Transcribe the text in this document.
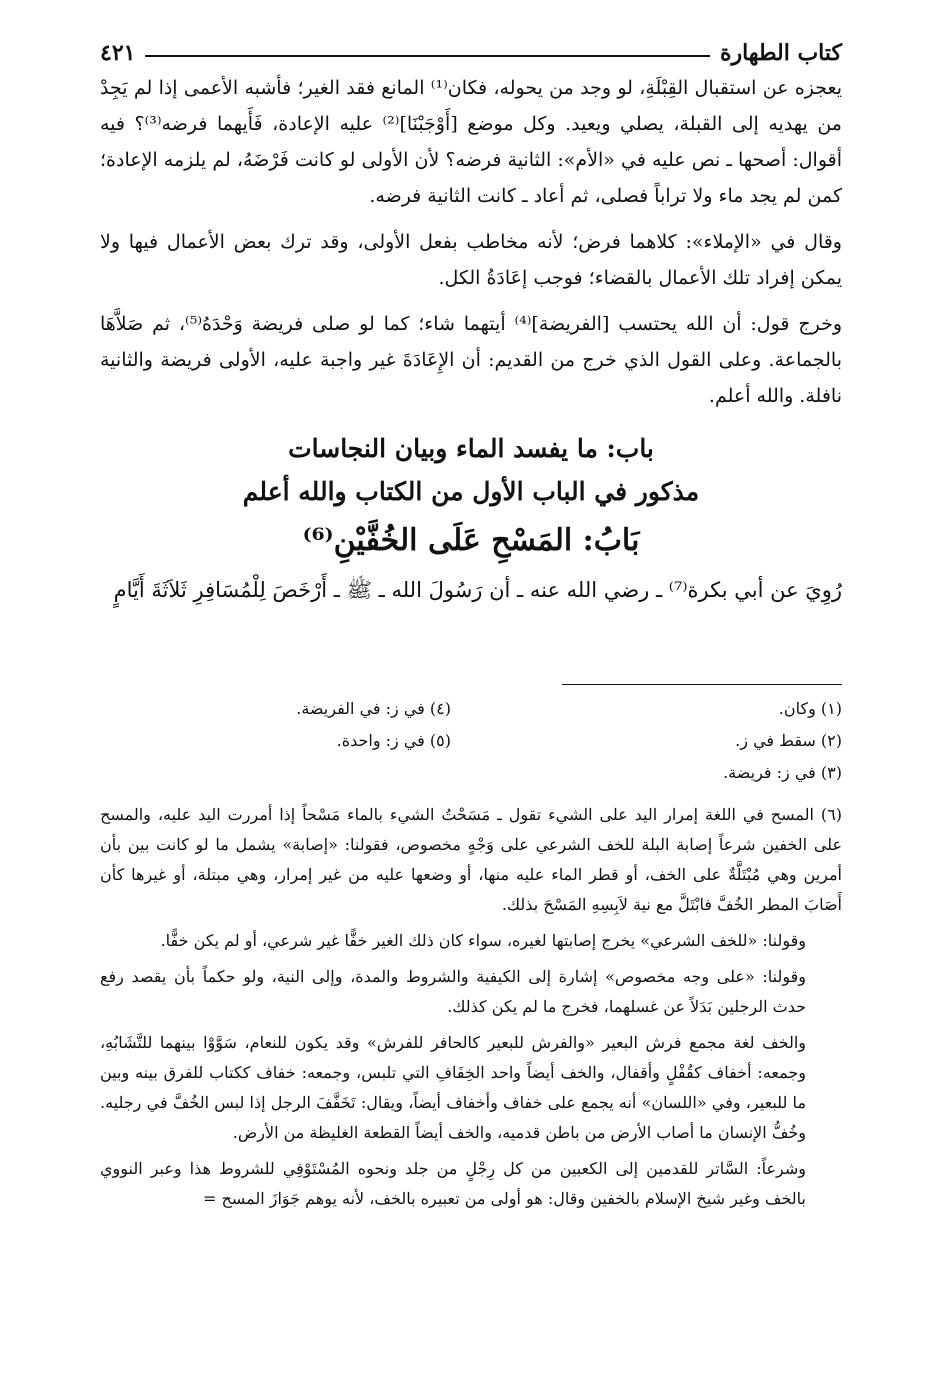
كتاب الطهارة
٤٢١

يعجزه عن استقبال القِبْلَةِ، لو وجد من يحوله، فكان⁽¹⁾ المانع فقد الغير؛ فأشبه الأعمى إذا لم يَجِدْ من يهديه إلى القبلة، يصلي ويعيد. وكل موضع [أَوْجَبْنَا]⁽²⁾ عليه الإعادة، فَأَيهما فرضه⁽³⁾؟ فيه أقوال: أصحها ـ نص عليه في «الأم»: الثانية فرضه؟ لأن الأولى لو كانت فَرْضَهُ، لم يلزمه الإعادة؛ كمن لم يجد ماء ولا تراباً فصلى، ثم أعاد ـ كانت الثانية فرضه.

وقال في «الإملاء»: كلاهما فرض؛ لأنه مخاطب بفعل الأولى، وقد ترك بعض الأعمال فيها ولا يمكن إفراد تلك الأعمال بالقضاء؛ فوجب إعَادَةُ الكل.

وخرج قول: أن الله يحتسب [الفريضة]⁽⁴⁾ أيتهما شاء؛ كما لو صلى فريضة وَحْدَهُ⁽⁵⁾، ثم صَلاَّهَا بالجماعة. وعلى القول الذي خرج من القديم: أن الإِعَادَةَ غير واجبة عليه، الأولى فريضة والثانية نافلة. والله أعلم.

باب: ما يفسد الماء وبيان النجاسات

مذكور في الباب الأول من الكتاب والله أعلم

بَابُ: المَسْحِ عَلَى الخُفَّيْنِ⁽⁶⁾

رُوِيَ عن أبي بكرة⁽⁷⁾ ـ رضي الله عنه ـ أن رَسُولَ الله ـ ﷺ ـ أَرْخَصَ لِلْمُسَافِرِ ثَلاَثَةَ أَيَّامٍ

(١) وكان.
(٤) في ز: في الفريضة.
(٢) سقط في ز.
(٥) في ز: واحدة.
(٣) في ز: فريضة.

(٦) المسح في اللغة إمرار اليد على الشيء تقول ـ مَسَحْتُ الشيء بالماء مَسْحاً إذا أمررت اليد عليه، والمسح على الخفين شرعاً إصابة البلة للخف الشرعي على وَجْهٍ مخصوص، فقولنا: «إصابة» يشمل ما لو كانت بين بأن أمرين وهي مُبْتَلَّةٌ على الخف، أو قطر الماء عليه منها، أو وضعها عليه من غير إمرار، وهي مبتلة، أو غيرها كأن أَصَابَ المطر الخُفَّ فابْتَلَّ مع نية لاَبِسِهِ المَسْحَ بذلك.

وقولنا: «للخف الشرعي» يخرج إصابتها لغيره، سواء كان ذلك الغير خفًّا غير شرعي، أو لم يكن خفًّا.

وقولنا: «على وجه مخصوص» إشارة إلى الكيفية والشروط والمدة، وإلى النية، ولو حكماً بأن يقصد رفع حدث الرجلين بَدَلاً عن غسلهما، فخرج ما لم يكن كذلك.

والخف لغة مجمع فرش البعير «والفرش للبعير كالحافر للفرش» وقد يكون للنعام، سَوَّوْا بينهما للتَّشَابُهِ، وجمعه: أخفاف كقُفْلٍ وأقفال، والخف أيضاً واحد الخِفَافِ التي تلبس، وجمعه: خفاف ككتاب للفرق بينه وبين ما للبعير، وفي «اللسان» أنه يجمع على خفاف وأخفاف أيضاً، ويقال: تَخَفَّفَ الرجل إذا لبس الخُفَّ في رجليه. وخُفُّ الإنسان ما أصاب الأرض من باطن قدميه، والخف أيضاً القطعة الغليظة من الأرض.

وشرعاً: السَّاتر للقدمين إلى الكعبين من كل رِجْلٍ من جلد ونحوه المُسْتَوْفِي للشروط هذا وعبر النووي بالخف وغير شيخ الإسلام بالخفين وقال: هو أولى من تعبيره بالخف، لأنه يوهم جَوَازَ المسح =
